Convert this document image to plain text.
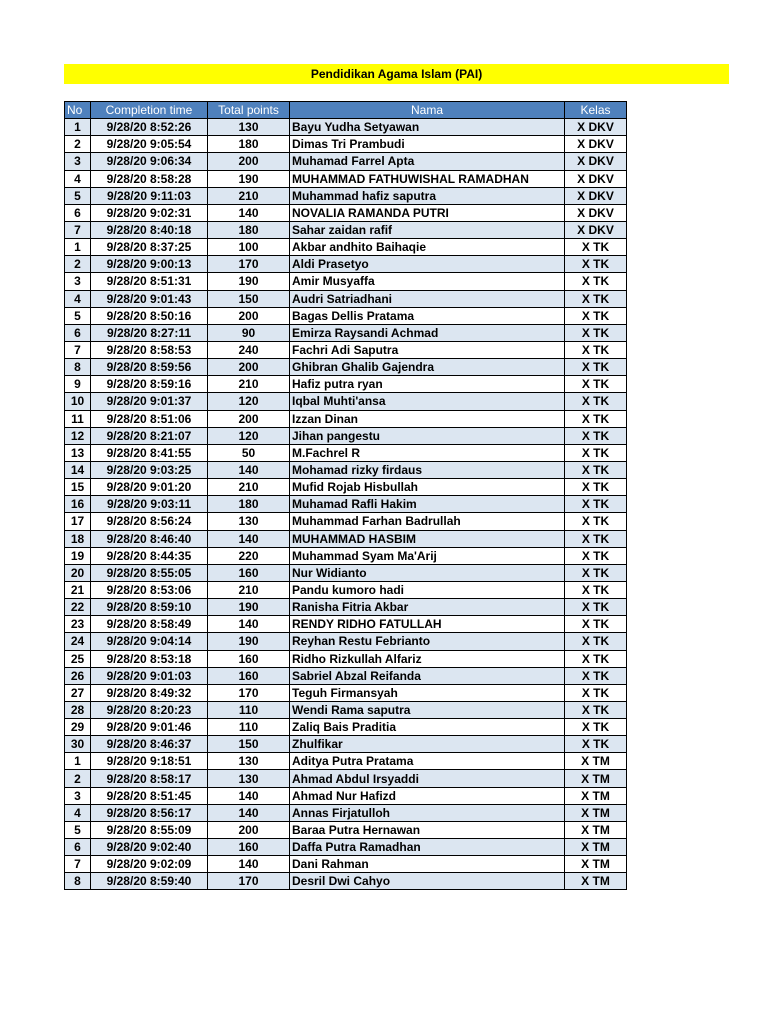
Pendidikan Agama Islam (PAI)
No	Completion time	Total points	Nama	Kelas
1	9/28/20 8:52:26	130	Bayu Yudha Setyawan	X DKV
2	9/28/20 9:05:54	180	Dimas Tri Prambudi	X DKV
3	9/28/20 9:06:34	200	Muhamad Farrel Apta	X DKV
4	9/28/20 8:58:28	190	MUHAMMAD FATHUWISHAL RAMADHAN	X DKV
5	9/28/20 9:11:03	210	Muhammad hafiz saputra	X DKV
6	9/28/20 9:02:31	140	NOVALIA RAMANDA PUTRI	X DKV
7	9/28/20 8:40:18	180	Sahar zaidan rafif	X DKV
1	9/28/20 8:37:25	100	Akbar andhito Baihaqie	X TK
2	9/28/20 9:00:13	170	Aldi Prasetyo	X TK
3	9/28/20 8:51:31	190	Amir Musyaffa	X TK
4	9/28/20 9:01:43	150	Audri Satriadhani	X TK
5	9/28/20 8:50:16	200	Bagas Dellis Pratama	X TK
6	9/28/20 8:27:11	90	Emirza Raysandi Achmad	X TK
7	9/28/20 8:58:53	240	Fachri Adi Saputra	X TK
8	9/28/20 8:59:56	200	Ghibran Ghalib Gajendra	X TK
9	9/28/20 8:59:16	210	Hafiz putra ryan	X TK
10	9/28/20 9:01:37	120	Iqbal Muhti'ansa	X TK
11	9/28/20 8:51:06	200	Izzan Dinan	X TK
12	9/28/20 8:21:07	120	Jihan pangestu	X TK
13	9/28/20 8:41:55	50	M.Fachrel R	X TK
14	9/28/20 9:03:25	140	Mohamad rizky firdaus	X TK
15	9/28/20 9:01:20	210	Mufid Rojab Hisbullah	X TK
16	9/28/20 9:03:11	180	Muhamad Rafli Hakim	X TK
17	9/28/20 8:56:24	130	Muhammad Farhan Badrullah	X TK
18	9/28/20 8:46:40	140	MUHAMMAD HASBIM	X TK
19	9/28/20 8:44:35	220	Muhammad Syam Ma'Arij	X TK
20	9/28/20 8:55:05	160	Nur Widianto	X TK
21	9/28/20 8:53:06	210	Pandu kumoro hadi	X TK
22	9/28/20 8:59:10	190	Ranisha Fitria Akbar	X TK
23	9/28/20 8:58:49	140	RENDY RIDHO FATULLAH	X TK
24	9/28/20 9:04:14	190	Reyhan Restu Febrianto	X TK
25	9/28/20 8:53:18	160	Ridho Rizkullah Alfariz	X TK
26	9/28/20 9:01:03	160	Sabriel Abzal Reifanda	X TK
27	9/28/20 8:49:32	170	Teguh Firmansyah	X TK
28	9/28/20 8:20:23	110	Wendi Rama saputra	X TK
29	9/28/20 9:01:46	110	Zaliq Bais Praditia	X TK
30	9/28/20 8:46:37	150	Zhulfikar	X TK
1	9/28/20 9:18:51	130	Aditya Putra Pratama	X TM
2	9/28/20 8:58:17	130	Ahmad Abdul Irsyaddi	X TM
3	9/28/20 8:51:45	140	Ahmad Nur Hafizd	X TM
4	9/28/20 8:56:17	140	Annas Firjatulloh	X TM
5	9/28/20 8:55:09	200	Baraa Putra Hernawan	X TM
6	9/28/20 9:02:40	160	Daffa Putra Ramadhan	X TM
7	9/28/20 9:02:09	140	Dani Rahman	X TM
8	9/28/20 8:59:40	170	Desril Dwi Cahyo	X TM
